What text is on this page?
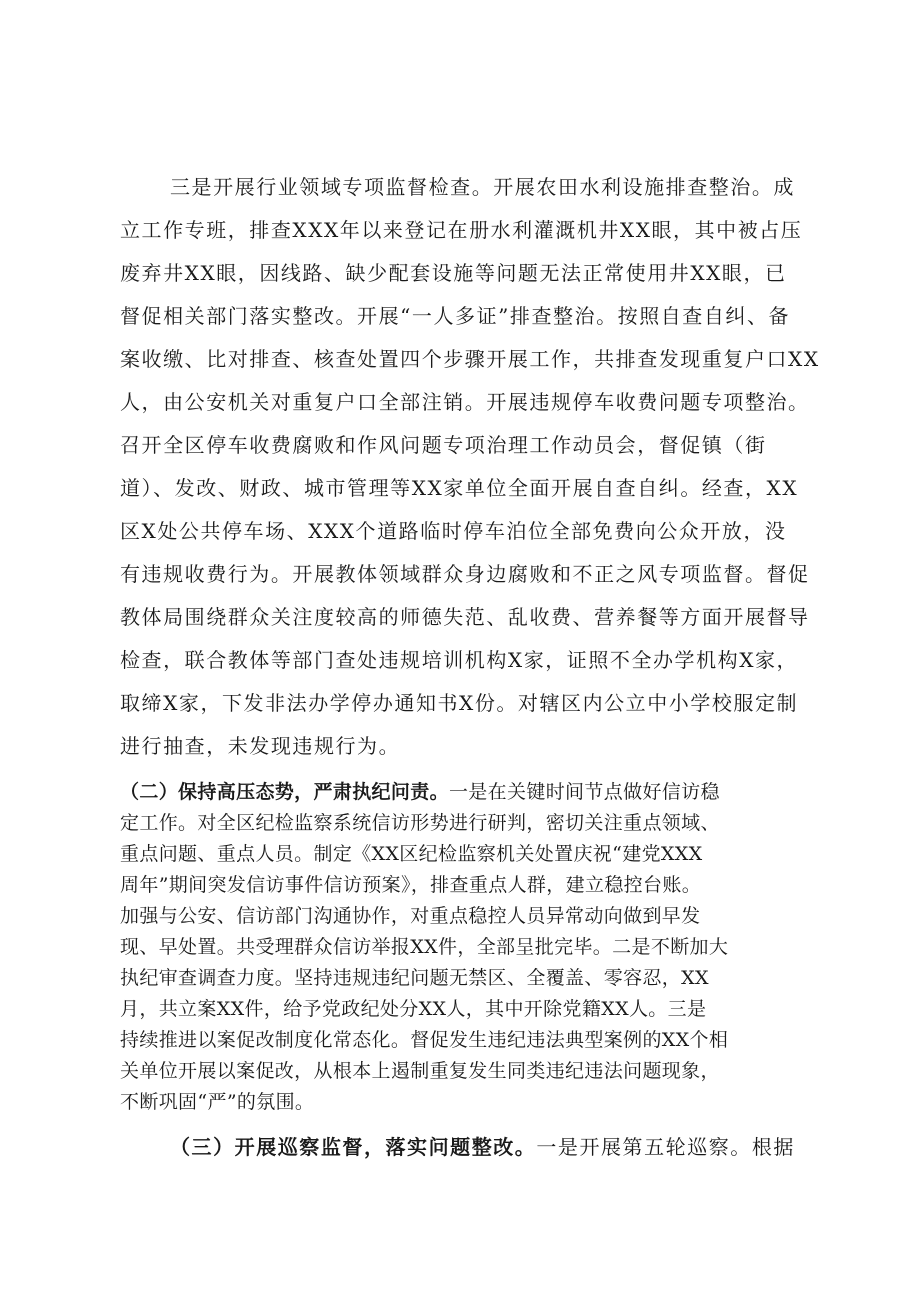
三是开展行业领域专项监督检查。开展农田水利设施排查整治。成
立工作专班，排查XXX年以来登记在册水利灌溉机井XX眼，其中被占压
废弃井XX眼，因线路、缺少配套设施等问题无法正常使用井XX眼，已
督促相关部门落实整改。开展“一人多证”排查整治。按照自查自纠、备
案收缴、比对排查、核查处置四个步骤开展工作，共排查发现重复户口XX
人，由公安机关对重复户口全部注销。开展违规停车收费问题专项整治。
召开全区停车收费腐败和作风问题专项治理工作动员会，督促镇（街
道）、发改、财政、城市管理等XX家单位全面开展自查自纠。经查，XX
区X处公共停车场、XXX个道路临时停车泊位全部免费向公众开放，没
有违规收费行为。开展教体领域群众身边腐败和不正之风专项监督。督促
教体局围绕群众关注度较高的师德失范、乱收费、营养餐等方面开展督导
检查，联合教体等部门查处违规培训机构X家，证照不全办学机构X家，
取缔X家，下发非法办学停办通知书X份。对辖区内公立中小学校服定制
进行抽查，未发现违规行为。
（二）保持高压态势，严肃执纪问责。一是在关键时间节点做好信访稳
定工作。对全区纪检监察系统信访形势进行研判，密切关注重点领域、
重点问题、重点人员。制定《XX区纪检监察机关处置庆祝“建党XXX
周年”期间突发信访事件信访预案》，排查重点人群，建立稳控台账。
加强与公安、信访部门沟通协作，对重点稳控人员异常动向做到早发
现、早处置。共受理群众信访举报XX件，全部呈批完毕。二是不断加大
执纪审查调查力度。坚持违规违纪问题无禁区、全覆盖、零容忍，XX
月，共立案XX件，给予党政纪处分XX人，其中开除党籍XX人。三是
持续推进以案促改制度化常态化。督促发生违纪违法典型案例的XX个相
关单位开展以案促改，从根本上遏制重复发生同类违纪违法问题现象，
不断巩固“严”的氛围。
（三）开展巡察监督，落实问题整改。一是开展第五轮巡察。根据
